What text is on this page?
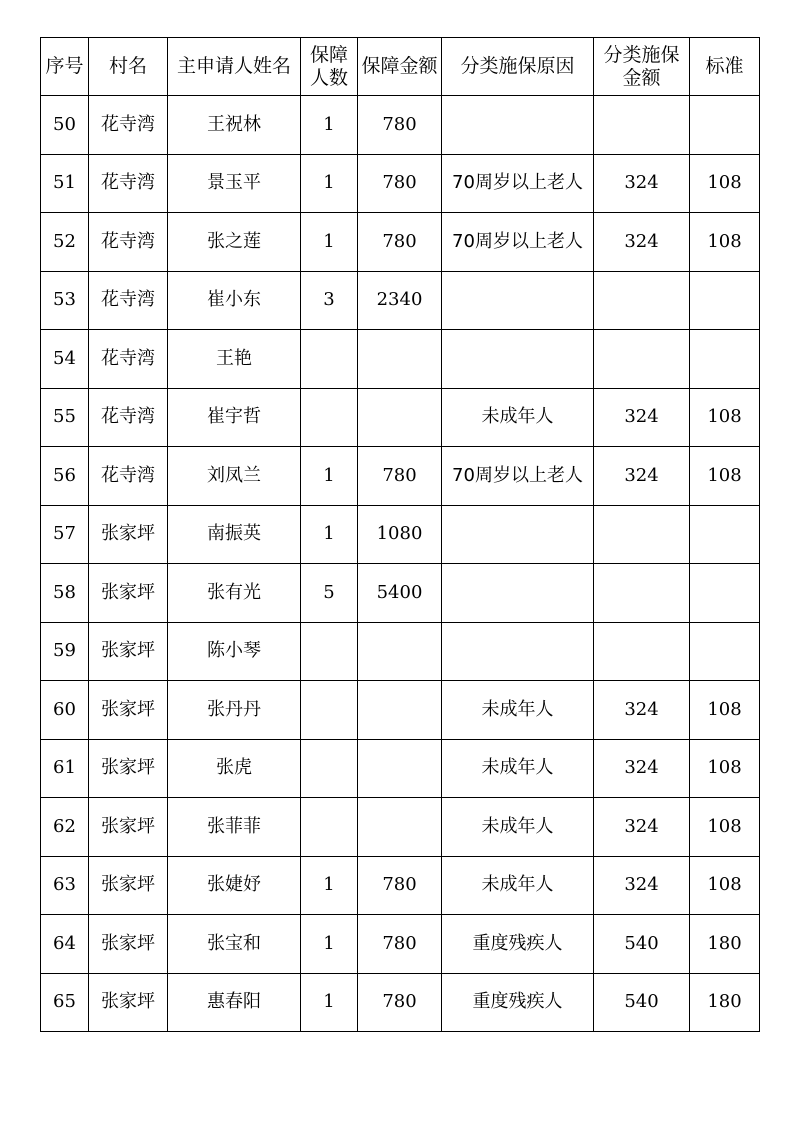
序号	村名	主申请人姓名	保障人数	保障金额	分类施保原因	分类施保金额	标准
50	花寺湾	王祝林	1	780			
51	花寺湾	景玉平	1	780	70周岁以上老人	324	108
52	花寺湾	张之莲	1	780	70周岁以上老人	324	108
53	花寺湾	崔小东	3	2340			
54	花寺湾	王艳					
55	花寺湾	崔宇哲			未成年人	324	108
56	花寺湾	刘凤兰	1	780	70周岁以上老人	324	108
57	张家坪	南振英	1	1080			
58	张家坪	张有光	5	5400			
59	张家坪	陈小琴					
60	张家坪	张丹丹			未成年人	324	108
61	张家坪	张虎			未成年人	324	108
62	张家坪	张菲菲			未成年人	324	108
63	张家坪	张婕妤	1	780	未成年人	324	108
64	张家坪	张宝和	1	780	重度残疾人	540	180
65	张家坪	惠春阳	1	780	重度残疾人	540	180
